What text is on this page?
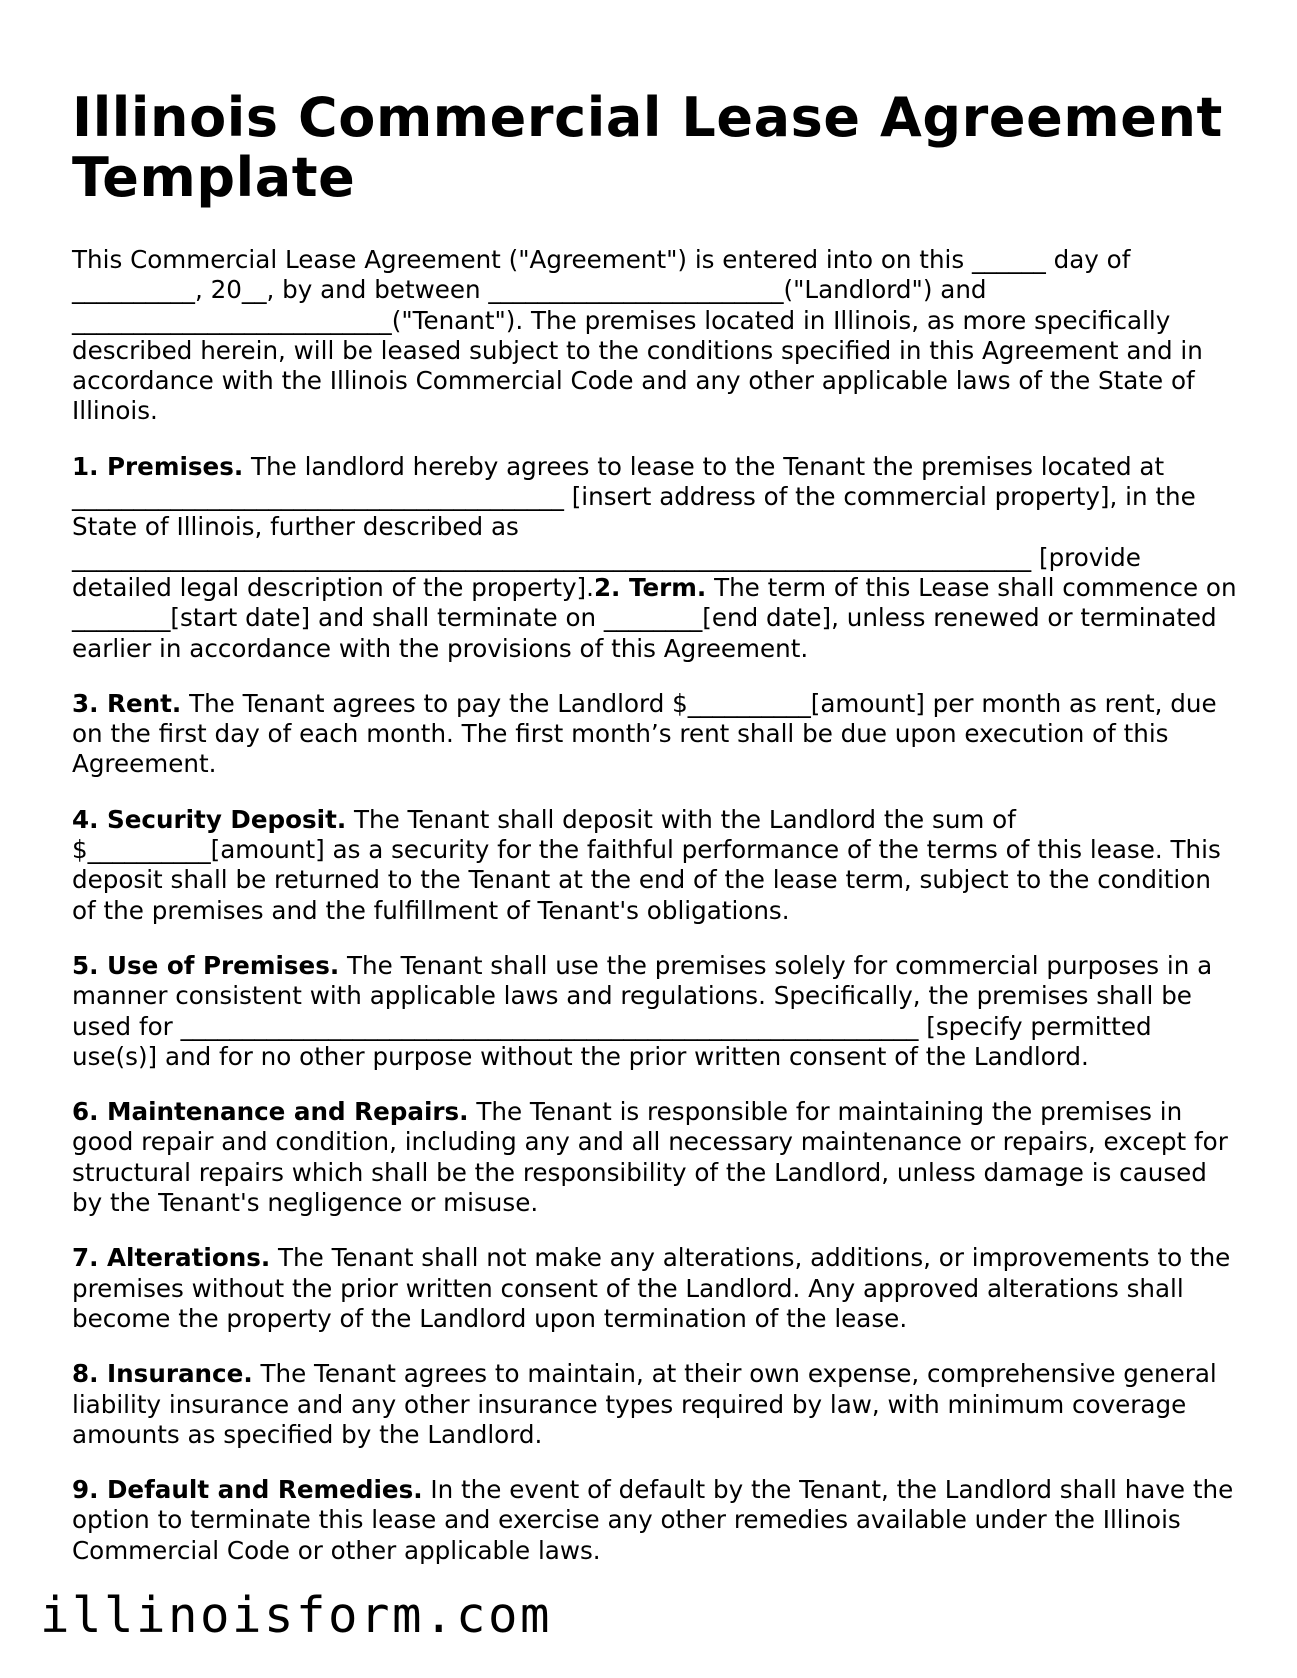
Illinois Commercial Lease Agreement Template

This Commercial Lease Agreement ("Agreement") is entered into on this ______ day of __________, 20__, by and between ________________________("Landlord") and __________________________("Tenant"). The premises located in Illinois, as more specifically described herein, will be leased subject to the conditions specified in this Agreement and in accordance with the Illinois Commercial Code and any other applicable laws of the State of Illinois.

1. Premises. The landlord hereby agrees to lease to the Tenant the premises located at ________________________________________ [insert address of the commercial property], in the State of Illinois, further described as ______________________________________________________________________________ [provide detailed legal description of the property].2. Term. The term of this Lease shall commence on ________[start date] and shall terminate on ________[end date], unless renewed or terminated earlier in accordance with the provisions of this Agreement.

3. Rent. The Tenant agrees to pay the Landlord $__________[amount] per month as rent, due on the first day of each month. The first month’s rent shall be due upon execution of this Agreement.

4. Security Deposit. The Tenant shall deposit with the Landlord the sum of $__________[amount] as a security for the faithful performance of the terms of this lease. This deposit shall be returned to the Tenant at the end of the lease term, subject to the condition of the premises and the fulfillment of Tenant's obligations.

5. Use of Premises. The Tenant shall use the premises solely for commercial purposes in a manner consistent with applicable laws and regulations. Specifically, the premises shall be used for ____________________________________________________________ [specify permitted use(s)] and for no other purpose without the prior written consent of the Landlord.

6. Maintenance and Repairs. The Tenant is responsible for maintaining the premises in good repair and condition, including any and all necessary maintenance or repairs, except for structural repairs which shall be the responsibility of the Landlord, unless damage is caused by the Tenant's negligence or misuse.

7. Alterations. The Tenant shall not make any alterations, additions, or improvements to the premises without the prior written consent of the Landlord. Any approved alterations shall become the property of the Landlord upon termination of the lease.

8. Insurance. The Tenant agrees to maintain, at their own expense, comprehensive general liability insurance and any other insurance types required by law, with minimum coverage amounts as specified by the Landlord.

9. Default and Remedies. In the event of default by the Tenant, the Landlord shall have the option to terminate this lease and exercise any other remedies available under the Illinois Commercial Code or other applicable laws.

illinoisform.com
